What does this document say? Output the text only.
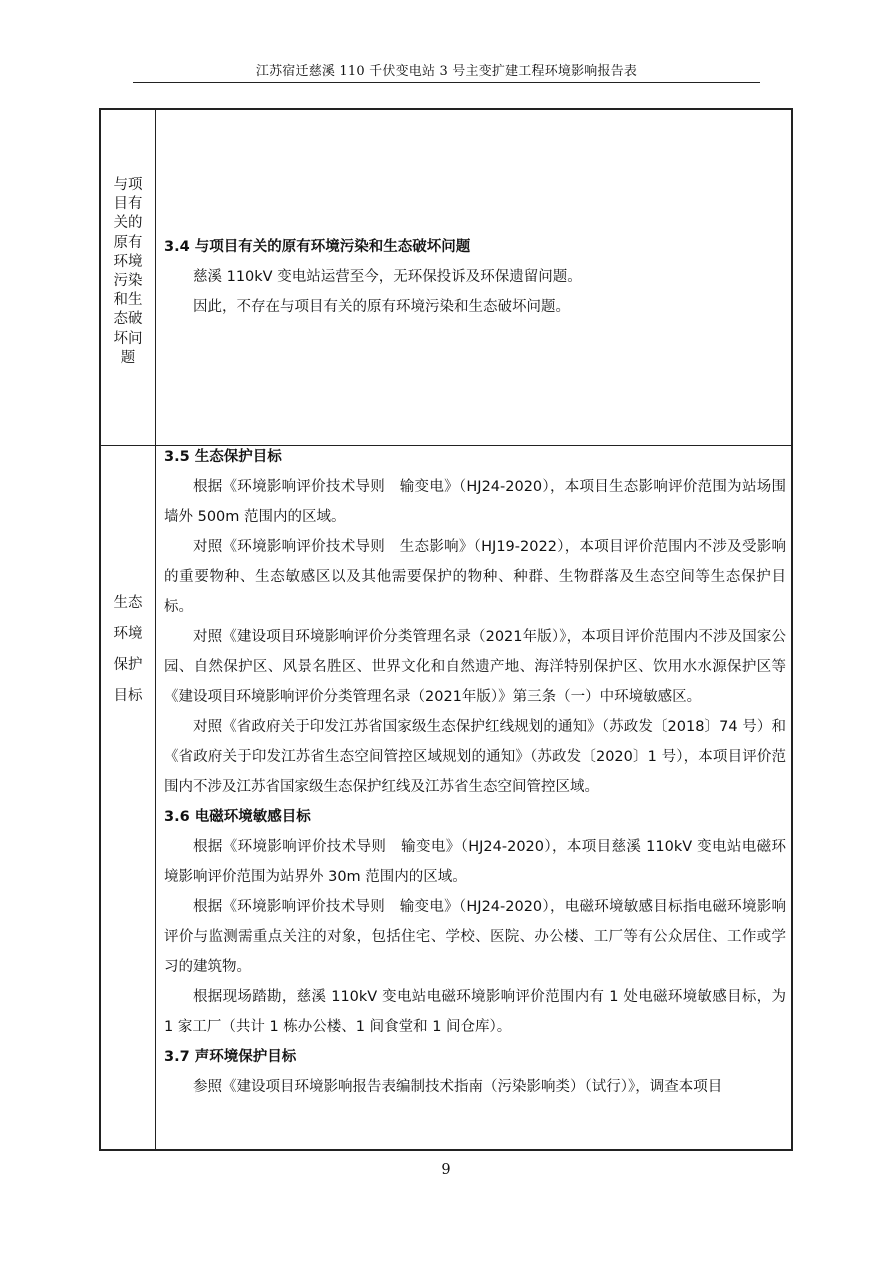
江苏宿迁慈溪 110 千伏变电站 3 号主变扩建工程环境影响报告表
与项目有关的原有环境污染和生态破坏问题
3.4 与项目有关的原有环境污染和生态破坏问题
慈溪 110kV 变电站运营至今，无环保投诉及环保遗留问题。
因此，不存在与项目有关的原有环境污染和生态破坏问题。
生态
环境
保护
目标
3.5 生态保护目标
根据《环境影响评价技术导则　输变电》（HJ24-2020），本项目生态影响评价范围为站场围墙外 500m 范围内的区域。
对照《环境影响评价技术导则　生态影响》（HJ19-2022），本项目评价范围内不涉及受影响的重要物种、生态敏感区以及其他需要保护的物种、种群、生物群落及生态空间等生态保护目标。
对照《建设项目环境影响评价分类管理名录（2021年版）》，本项目评价范围内不涉及国家公园、自然保护区、风景名胜区、世界文化和自然遗产地、海洋特别保护区、饮用水水源保护区等《建设项目环境影响评价分类管理名录（2021年版）》第三条（一）中环境敏感区。
对照《省政府关于印发江苏省国家级生态保护红线规划的通知》（苏政发〔2018〕74 号）和《省政府关于印发江苏省生态空间管控区域规划的通知》（苏政发〔2020〕1 号），本项目评价范围内不涉及江苏省国家级生态保护红线及江苏省生态空间管控区域。
3.6 电磁环境敏感目标
根据《环境影响评价技术导则　输变电》（HJ24-2020），本项目慈溪 110kV 变电站电磁环境影响评价范围为站界外 30m 范围内的区域。
根据《环境影响评价技术导则　输变电》（HJ24-2020），电磁环境敏感目标指电磁环境影响评价与监测需重点关注的对象，包括住宅、学校、医院、办公楼、工厂等有公众居住、工作或学习的建筑物。
根据现场踏勘，慈溪 110kV 变电站电磁环境影响评价范围内有 1 处电磁环境敏感目标，为 1 家工厂（共计 1 栋办公楼、1 间食堂和 1 间仓库）。
3.7 声环境保护目标
参照《建设项目环境影响报告表编制技术指南（污染影响类）（试行）》，调查本项目
9
